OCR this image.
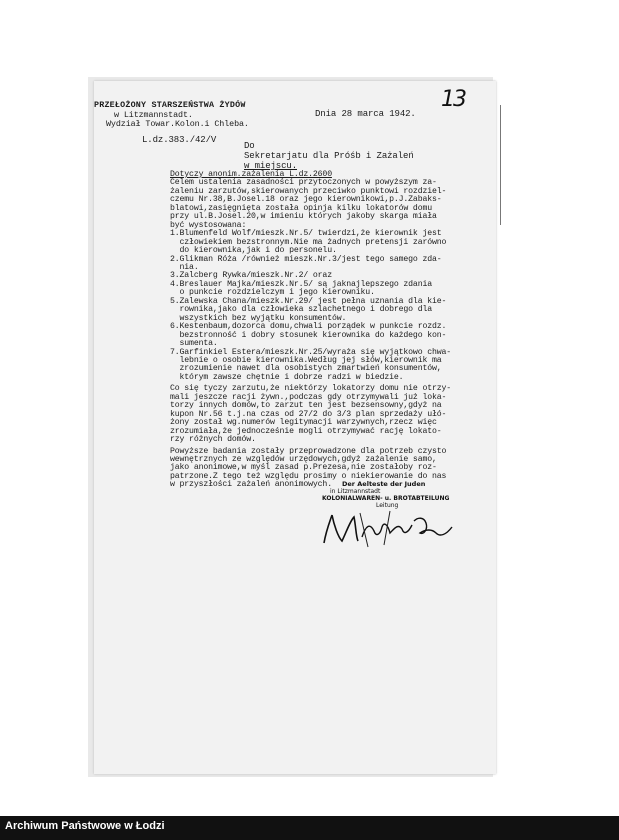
13
PRZEŁOŻONY STARSZEŃSTWA ŻYDÓW
w Litzmannstadt.
Wydział Towar.Kolon.i Chleba.
Dnia 28 marca 1942.
L.dz.383./42/V
Do
Sekretarjatu dla Próśb i Zażaleń
w miejscu.
Dotyczy anonim.zażalenia L.dz.2600
Celem ustalenia zasadności przytoczonych w powyższym za-
żaleniu zarzutów,skierowanych przeciwko punktowi rozdziel-
czemu Nr.38,B.Josel.18 oraz jego kierownikowi,p.J.Zabaks-
blatowi,zasięgnięta została opinja kilku lokatorów domu
przy ul.B.Josel.20,w imieniu których jakoby skarga miała
być wystosowana:
1.Blumenfeld Wolf/mieszk.Nr.5/ twierdzi,że kierownik jest
człowiekiem bezstronnym.Nie ma żadnych pretensji zarówno
do kierownika,jak i do personelu.
2.Glikman Róża /również mieszk.Nr.3/jest tego samego zda-
nia.
3.Zalcberg Rywka/mieszk.Nr.2/ oraz
4.Breslauer Majka/mieszk.Nr.5/ są jaknajlepszego zdania
o punkcie rozdzielczym i jego kierowniku.
5.Zalewska Chana/mieszk.Nr.29/ jest pełna uznania dla kie-
rownika,jako dla człowieka szlachetnego i dobrego dla
wszystkich bez wyjątku konsumentów.
6.Kestenbaum,dozorca domu,chwali porządek w punkcie rozdz.
bezstronność i dobry stosunek kierownika do każdego kon-
sumenta.
7.Garfinkiel Estera/mieszk.Nr.25/wyraża się wyjątkowo chwa-
lebnie o osobie kierownika.Według jej słów,kierownik ma
zrozumienie nawet dla osobistych zmartwień konsumentów,
którym zawsze chętnie i dobrze radzi w biedzie.
Co się tyczy zarzutu,że niektórzy lokatorzy domu nie otrzy-
mali jeszcze racji żywn.,podczas gdy otrzymywali już loka-
torzy innych domów,to zarzut ten jest bezsensowny,gdyż na
kupon Nr.56 t.j.na czas od 27/2 do 3/3 plan sprzedaży ułó-
żony został wg.numerów legitymacji warzywnych,rzecz więc
zrozumiała,że jednocześnie mogli otrzymywać rację lokato-
rzy różnych domów.
Powyższe badania zostały przeprowadzone dla potrzeb czysto
wewnętrznych ze względów urzędowych,gdyż zażalenie samo,
jako anonimowe,w myśl zasad p.Prezesa,nie zostałoby roz-
patrzone.Z tego też względu prosimy o niekierowanie do nas
w przyszłości zażaleń anonimowych.	Der Aelteste der Juden
in Litzmannstadt
KOLONIALWAREN- u. BROTABTEILUNG
Leitung
Archiwum Państwowe w Łodzi
